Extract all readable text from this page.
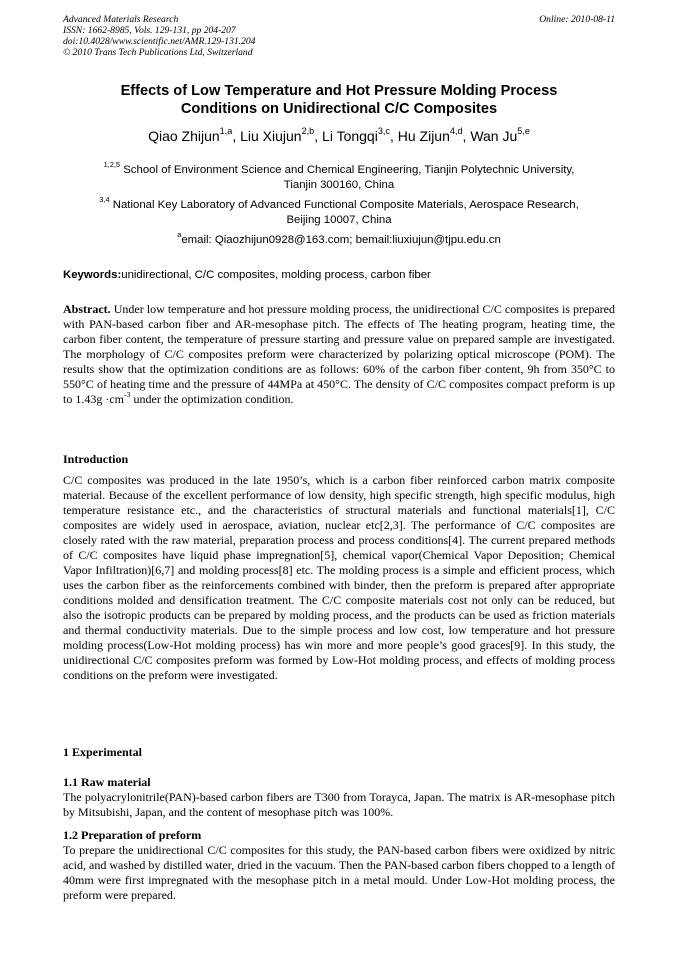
Advanced Materials Research
ISSN: 1662-8985, Vols. 129-131, pp 204-207
doi:10.4028/www.scientific.net/AMR.129-131.204
© 2010 Trans Tech Publications Ltd, Switzerland
Online: 2010-08-11
Effects of Low Temperature and Hot Pressure Molding Process
Conditions on Unidirectional C/C Composites
Qiao Zhijun$^{1,a}$, Liu Xiujun$^{2,b}$, Li Tongqi$^{3,c}$, Hu Zijun$^{4,d}$, Wan Ju$^{5,e}$
$^{1,2,5}$ School of Environment Science and Chemical Engineering, Tianjin Polytechnic University,
Tianjin 300160, China
$^{3,4}$ National Key Laboratory of Advanced Functional Composite Materials, Aerospace Research,
Beijing 10007, China
$^a$email: Qiaozhijun0928@163.com; bemail:liuxiujun@tjpu.edu.cn
Keywords:unidirectional, C/C composites, molding process, carbon fiber
Abstract. Under low temperature and hot pressure molding process, the unidirectional C/C composites is prepared with PAN-based carbon fiber and AR-mesophase pitch. The effects of The heating program, heating time, the carbon fiber content, the temperature of pressure starting and pressure value on prepared sample are investigated. The morphology of C/C composites preform were characterized by polarizing optical microscope (POM). The results show that the optimization conditions are as follows: 60% of the carbon fiber content, 9h from 350°C to 550°C of heating time and the pressure of 44MPa at 450°C. The density of C/C composites compact preform is up to $1.43g \cdot cm^{-3}$ under the optimization condition.
Introduction
C/C composites was produced in the late 1950’s, which is a carbon fiber reinforced carbon matrix composite material. Because of the excellent performance of low density, high specific strength, high specific modulus, high temperature resistance etc., and the characteristics of structural materials and functional materials[1], C/C composites are widely used in aerospace, aviation, nuclear etc[2,3]. The performance of C/C composites are closely rated with the raw material, preparation process and process conditions[4]. The current prepared methods of C/C composites have liquid phase impregnation[5], chemical vapor(Chemical Vapor Deposition; Chemical Vapor Infiltration)[6,7] and molding process[8] etc. The molding process is a simple and efficient process, which uses the carbon fiber as the reinforcements combined with binder, then the preform is prepared after appropriate conditions molded and densification treatment. The C/C composite materials cost not only can be reduced, but also the isotropic products can be prepared by molding process, and the products can be used as friction materials and thermal conductivity materials. Due to the simple process and low cost, low temperature and hot pressure molding process(Low-Hot molding process) has win more and more people’s good graces[9]. In this study, the unidirectional C/C composites preform was formed by Low-Hot molding process, and effects of molding process conditions on the preform were investigated.
1 Experimental
1.1 Raw material
The polyacrylonitrile(PAN)-based carbon fibers are T300 from Torayca, Japan. The matrix is AR-mesophase pitch by Mitsubishi, Japan, and the content of mesophase pitch was 100%.
1.2 Preparation of preform
To prepare the unidirectional C/C composites for this study, the PAN-based carbon fibers were oxidized by nitric acid, and washed by distilled water, dried in the vacuum. Then the PAN-based carbon fibers chopped to a length of 40mm were first impregnated with the mesophase pitch in a metal mould. Under Low-Hot molding process, the preform were prepared.
